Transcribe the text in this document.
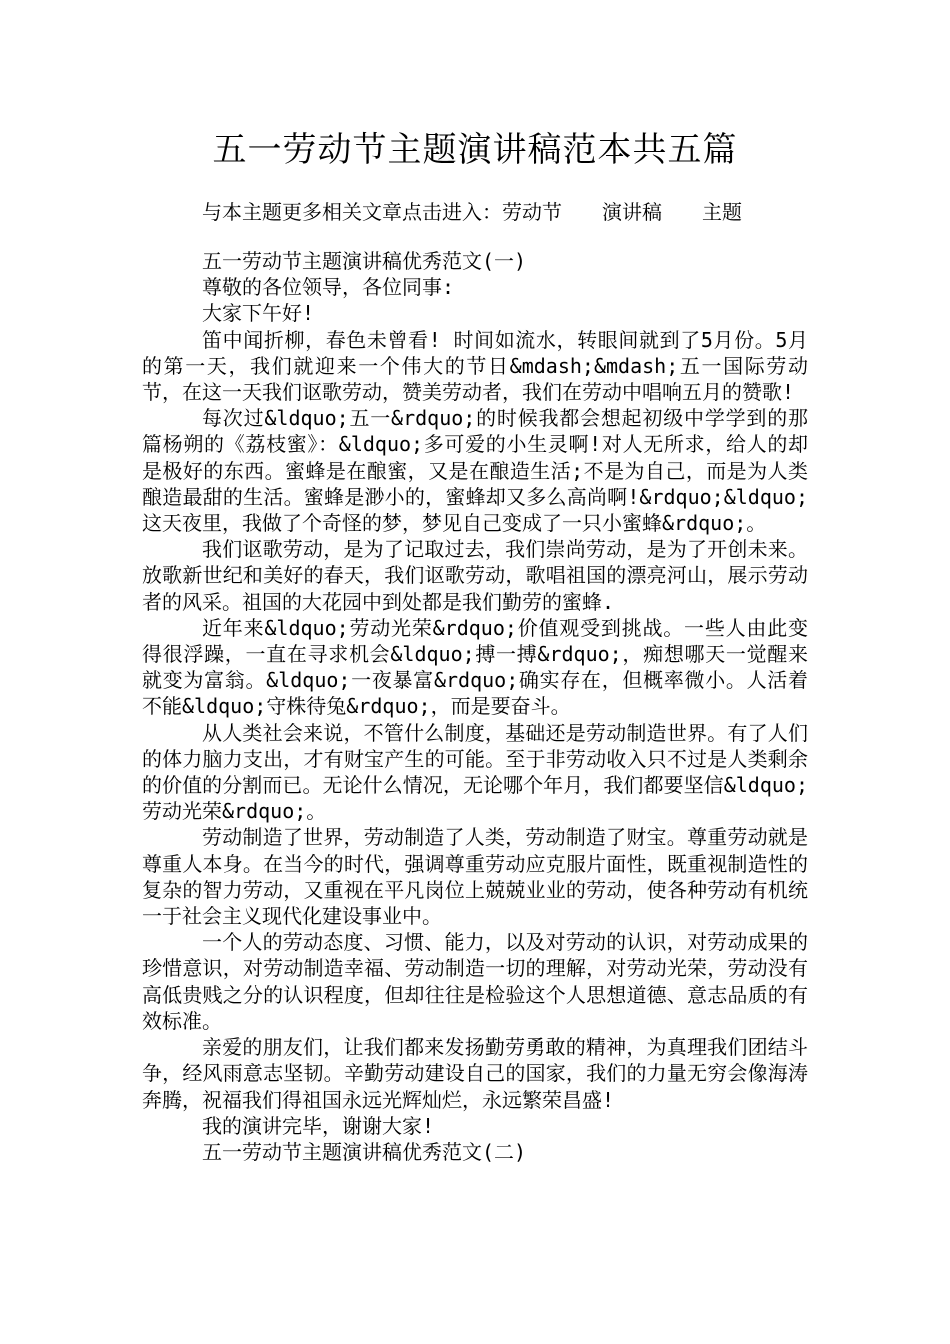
五一劳动节主题演讲稿范本共五篇
与本主题更多相关文章点击进入：劳动节 演讲稿 主题

五一劳动节主题演讲稿优秀范文(一)

尊敬的各位领导，各位同事:

大家下午好!

笛中闻折柳，春色未曾看! 时间如流水，转眼间就到了5月份。5月的第一天，我们就迎来一个伟大的节日&mdash;&mdash;五一国际劳动节，在这一天我们讴歌劳动，赞美劳动者，我们在劳动中唱响五月的赞歌!

每次过&ldquo;五一&rdquo;的时候我都会想起初级中学学到的那篇杨朔的《荔枝蜜》：&ldquo;多可爱的小生灵啊!对人无所求，给人的却是极好的东西。蜜蜂是在酿蜜，又是在酿造生活;不是为自己，而是为人类酿造最甜的生活。蜜蜂是渺小的，蜜蜂却又多么高尚啊!&rdquo;&ldquo;这天夜里，我做了个奇怪的梦，梦见自己变成了一只小蜜蜂&rdquo;。

我们讴歌劳动，是为了记取过去，我们崇尚劳动，是为了开创未来。放歌新世纪和美好的春天，我们讴歌劳动，歌唱祖国的漂亮河山，展示劳动者的风采。祖国的大花园中到处都是我们勤劳的蜜蜂.

近年来&ldquo;劳动光荣&rdquo;价值观受到挑战。一些人由此变得很浮躁，一直在寻求机会&ldquo;搏一搏&rdquo;，痴想哪天一觉醒来就变为富翁。&ldquo;一夜暴富&rdquo;确实存在，但概率微小。人活着不能&ldquo;守株待兔&rdquo;，而是要奋斗。

从人类社会来说，不管什么制度，基础还是劳动制造世界。有了人们的体力脑力支出，才有财宝产生的可能。至于非劳动收入只不过是人类剩余的价值的分割而已。无论什么情况，无论哪个年月，我们都要坚信&ldquo;劳动光荣&rdquo;。

劳动制造了世界，劳动制造了人类，劳动制造了财宝。尊重劳动就是尊重人本身。在当今的时代，强调尊重劳动应克服片面性，既重视制造性的复杂的智力劳动，又重视在平凡岗位上兢兢业业的劳动，使各种劳动有机统一于社会主义现代化建设事业中。

一个人的劳动态度、习惯、能力，以及对劳动的认识，对劳动成果的珍惜意识，对劳动制造幸福、劳动制造一切的理解，对劳动光荣，劳动没有高低贵贱之分的认识程度，但却往往是检验这个人思想道德、意志品质的有效标准。

亲爱的朋友们，让我们都来发扬勤劳勇敢的精神，为真理我们团结斗争，经风雨意志坚韧。辛勤劳动建设自己的国家，我们的力量无穷会像海涛奔腾，祝福我们得祖国永远光辉灿烂，永远繁荣昌盛!

我的演讲完毕，谢谢大家!

五一劳动节主题演讲稿优秀范文(二)
